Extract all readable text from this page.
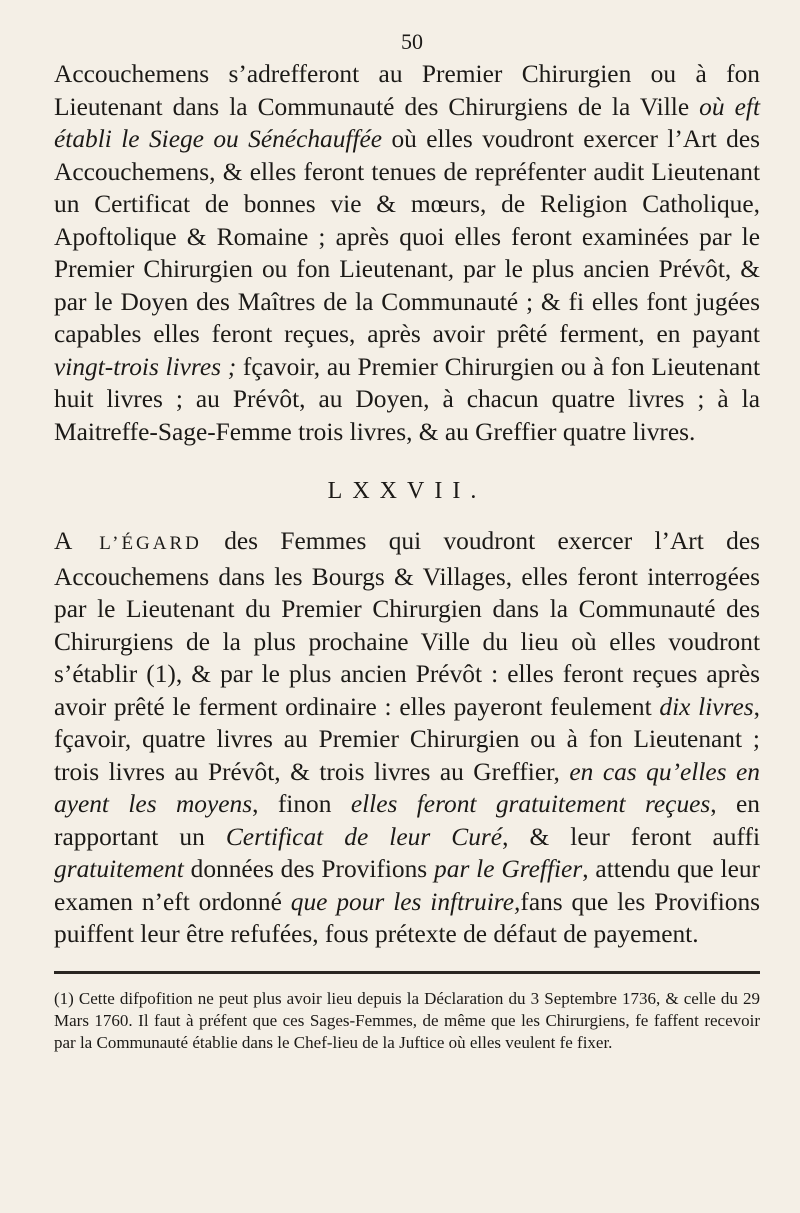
50

Accouchemens s’adrefferont au Premier Chirurgien ou à fon Lieutenant dans la Communauté des Chirurgiens de la Ville où eft établi le Siege ou Sénéchauffée où elles voudront exercer l’Art des Accouchemens, & elles feront tenues de repréfenter audit Lieutenant un Certificat de bonnes vie & mœurs, de Religion Catholique, Apoftolique & Romaine ; après quoi elles feront examinées par le Premier Chirurgien ou fon Lieutenant, par le plus ancien Prévôt, & par le Doyen des Maîtres de la Communauté ; & fi elles font jugées capables elles feront reçues, après avoir prêté ferment, en payant vingt-trois livres ; fçavoir, au Premier Chirurgien ou à fon Lieutenant huit livres ; au Prévôt, au Doyen, à chacun quatre livres ; à la Maitreffe-Sage-Femme trois livres, & au Greffier quatre livres.

LXXVII.

A L’ÉGARD des Femmes qui voudront exercer l’Art des Accouchemens dans les Bourgs & Villages, elles feront interrogées par le Lieutenant du Premier Chirurgien dans la Communauté des Chirurgiens de la plus prochaine Ville du lieu où elles voudront s’établir (1), & par le plus ancien Prévôt : elles feront reçues après avoir prêté le ferment ordinaire : elles payeront feulement dix livres, fçavoir, quatre livres au Premier Chirurgien ou à fon Lieutenant ; trois livres au Prévôt, & trois livres au Greffier, en cas qu’elles en ayent les moyens, finon elles feront gratuitement reçues, en rapportant un Certificat de leur Curé, & leur feront auffi gratuitement données des Provifions par le Greffier, attendu que leur examen n’eft ordonné que pour les inftruire,fans que les Provifions puiffent leur être refufées, fous prétexte de défaut de payement.

(1) Cette difpofition ne peut plus avoir lieu depuis la Déclaration du 3 Septembre 1736, & celle du 29 Mars 1760. Il faut à préfent que ces Sages-Femmes, de même que les Chirurgiens, fe faffent recevoir par la Communauté établie dans le Chef-lieu de la Juftice où elles veulent fe fixer.
